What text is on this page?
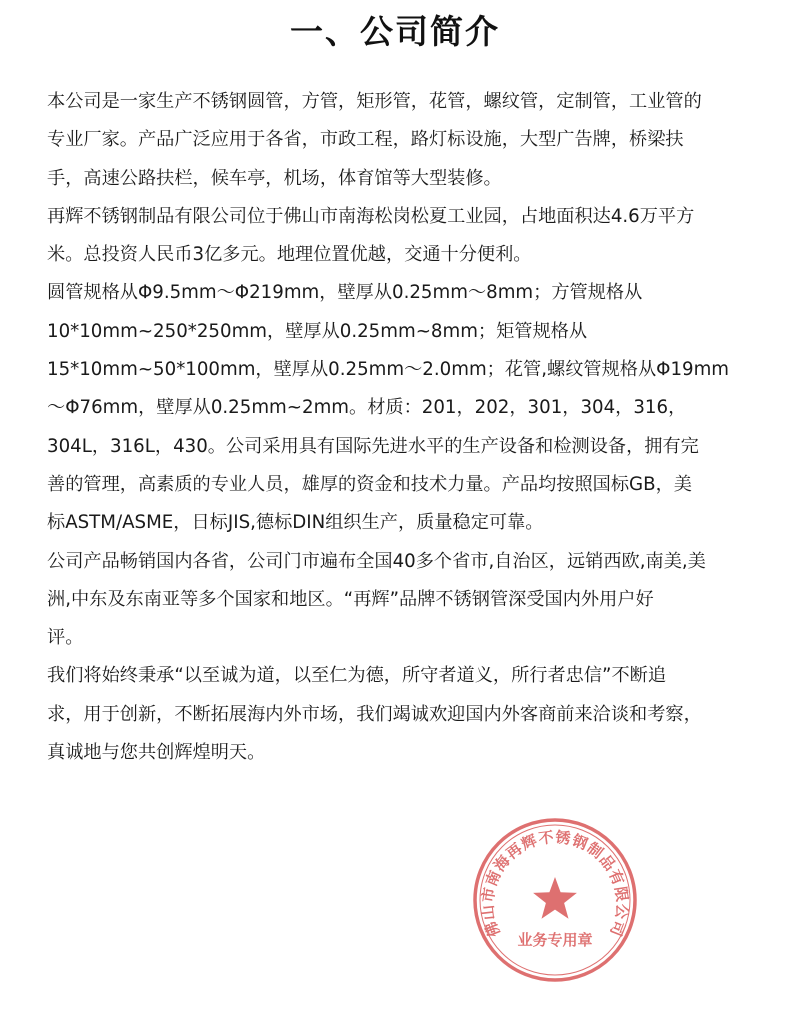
一、公司简介
本公司是一家生产不锈钢圆管，方管，矩形管，花管，螺纹管，定制管，工业管的
专业厂家。产品广泛应用于各省，市政工程，路灯标设施，大型广告牌，桥梁扶
手，高速公路扶栏，候车亭，机场，体育馆等大型装修。
再辉不锈钢制品有限公司位于佛山市南海松岗松夏工业园，占地面积达4.6万平方
米。总投资人民币3亿多元。地理位置优越，交通十分便利。
圆管规格从Φ9.5mm～Φ219mm，壁厚从0.25mm～8mm；方管规格从
10*10mm~250*250mm，壁厚从0.25mm~8mm；矩管规格从
15*10mm~50*100mm，壁厚从0.25mm～2.0mm；花管,螺纹管规格从Φ19mm
～Φ76mm，壁厚从0.25mm~2mm。材质：201，202，301，304，316，
304L，316L，430。公司采用具有国际先进水平的生产设备和检测设备，拥有完
善的管理，高素质的专业人员，雄厚的资金和技术力量。产品均按照国标GB，美
标ASTM/ASME，日标JIS,德标DIN组织生产，质量稳定可靠。
公司产品畅销国内各省，公司门市遍布全国40多个省市,自治区，远销西欧,南美,美
洲,中东及东南亚等多个国家和地区。“再辉”品牌不锈钢管深受国内外用户好
评。
我们将始终秉承“以至诚为道，以至仁为德，所守者道义，所行者忠信”不断追
求，用于创新，不断拓展海内外市场，我们竭诚欢迎国内外客商前来洽谈和考察，
真诚地与您共创辉煌明天。
佛山市南海再辉不锈钢制品有限公司
业务专用章
